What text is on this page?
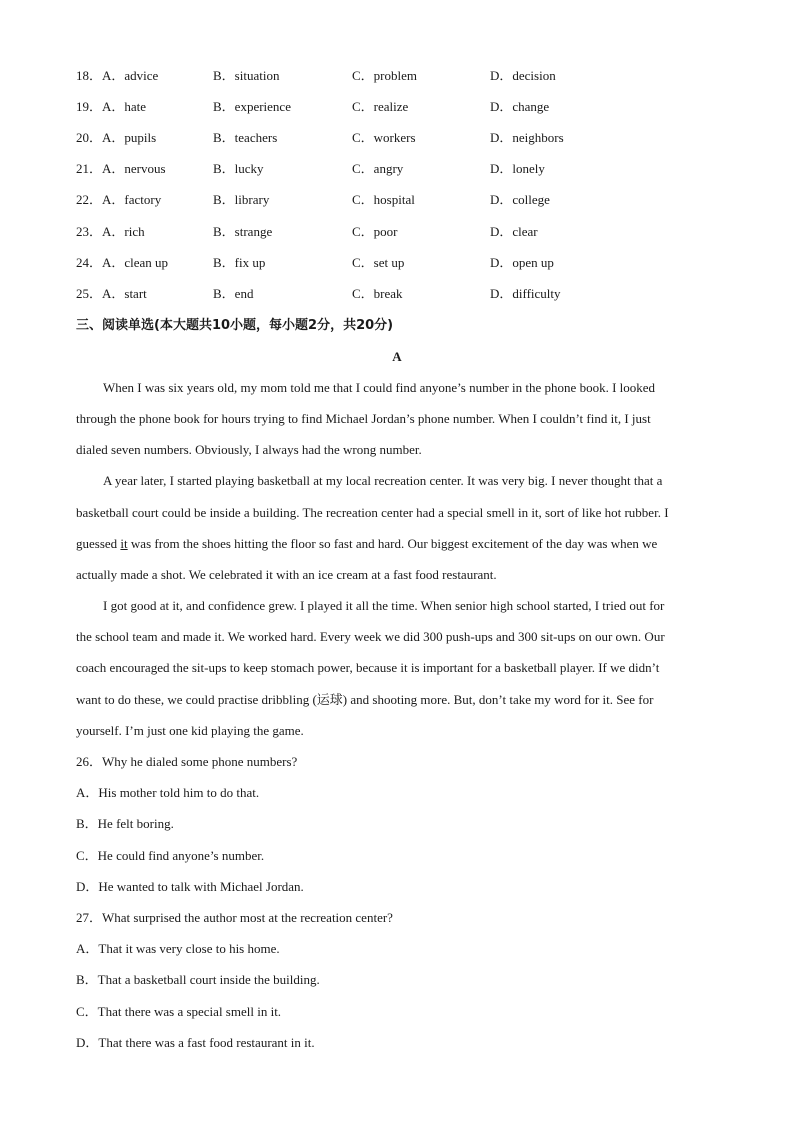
18． A．advice	B．situation	C．problem	D．decision
19． A．hate	B．experience	C．realize	D．change
20． A．pupils	B．teachers	C．workers	D．neighbors
21． A．nervous	B．lucky	C．angry	D．lonely
22． A．factory	B．library	C．hospital	D．college
23． A．rich	B．strange	C．poor	D．clear
24． A．clean up	B．fix up	C．set up	D．open up
25． A．start	B．end	C．break	D．difficulty
三、阅读单选(本大题共10小题，每小题2分，共20分)
A
When I was six years old, my mom told me that I could find anyone’s number in the phone book. I looked
through the phone book for hours trying to find Michael Jordan’s phone number. When I couldn’t find it, I just
dialed seven numbers. Obviously, I always had the wrong number.
A year later, I started playing basketball at my local recreation center. It was very big. I never thought that a
basketball court could be inside a building. The recreation center had a special smell in it, sort of like hot rubber. I
guessed it was from the shoes hitting the floor so fast and hard. Our biggest excitement of the day was when we
actually made a shot. We celebrated it with an ice cream at a fast food restaurant.
I got good at it, and confidence grew. I played it all the time. When senior high school started, I tried out for
the school team and made it. We worked hard. Every week we did 300 push-ups and 300 sit-ups on our own. Our
coach encouraged the sit-ups to keep stomach power, because it is important for a basketball player. If we didn’t
want to do these, we could practise dribbling (运球) and shooting more. But, don’t take my word for it. See for
yourself. I’m just one kid playing the game.
26．Why he dialed some phone numbers?
A．His mother told him to do that.
B．He felt boring.
C．He could find anyone’s number.
D．He wanted to talk with Michael Jordan.
27．What surprised the author most at the recreation center?
A．That it was very close to his home.
B．That a basketball court inside the building.
C．That there was a special smell in it.
D．That there was a fast food restaurant in it.
